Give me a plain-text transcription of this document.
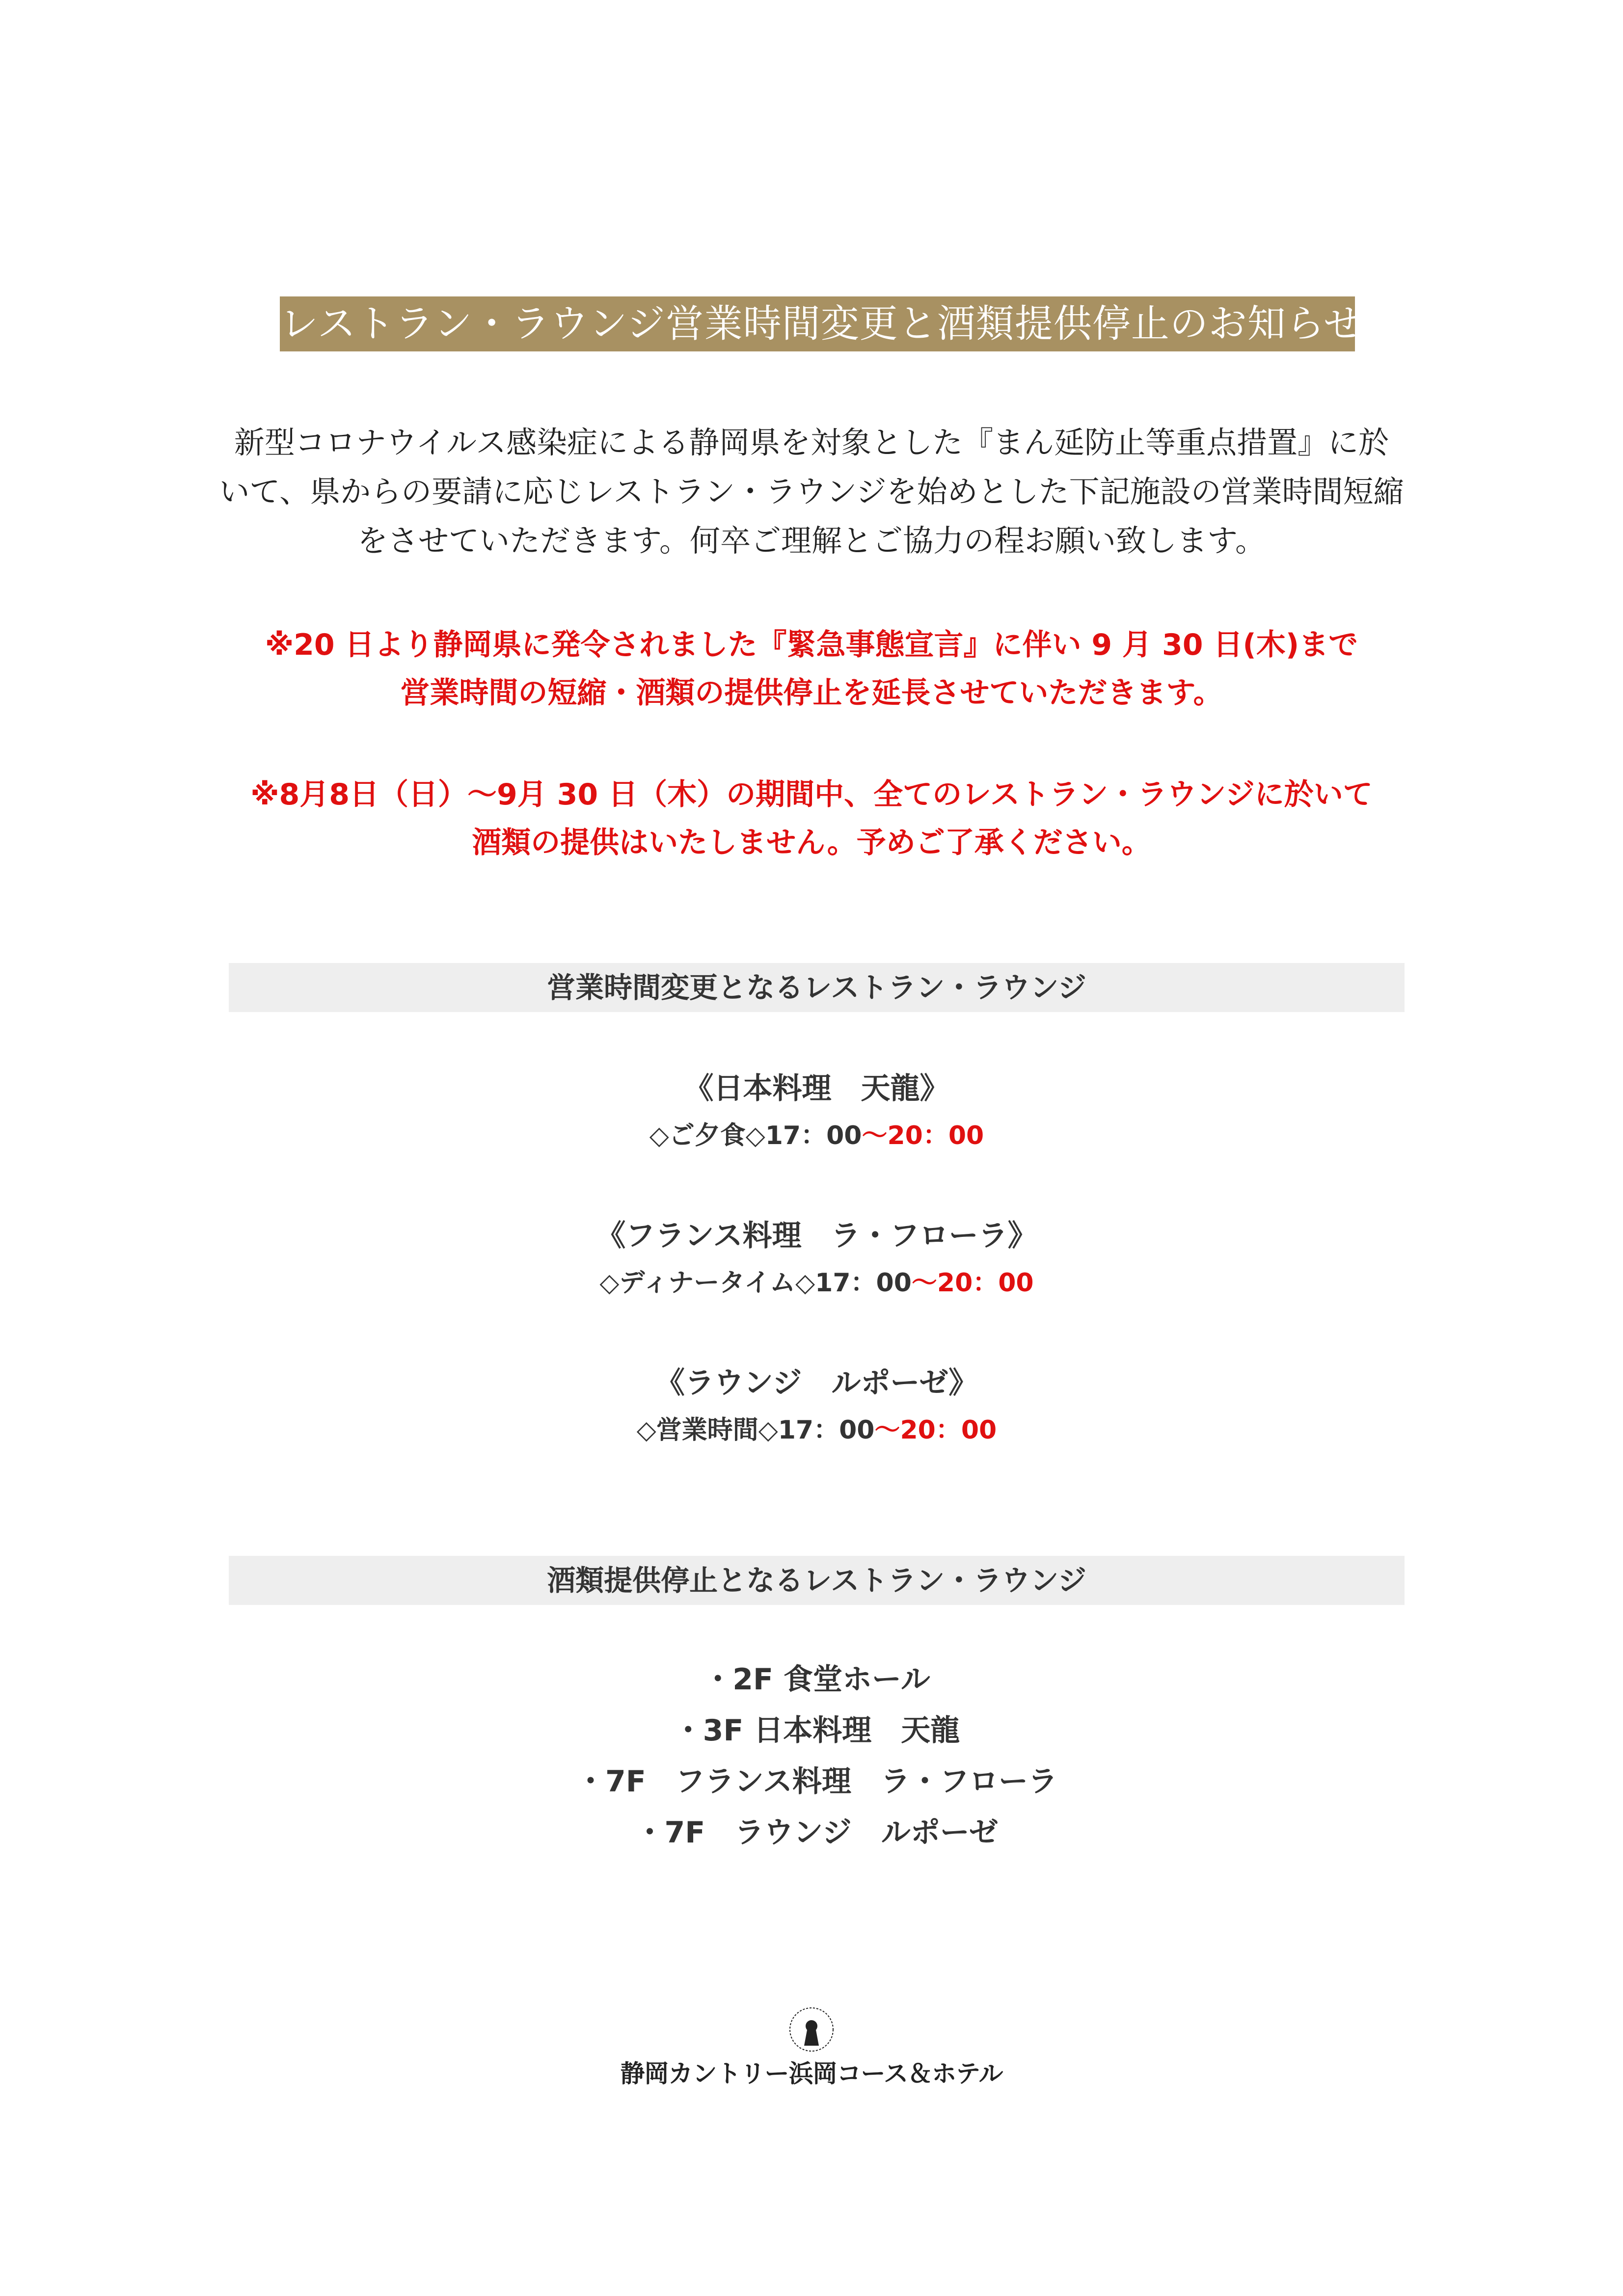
レストラン・ラウンジ営業時間変更と酒類提供停止のお知らせ
新型コロナウイルス感染症による静岡県を対象とした『まん延防止等重点措置』に於
いて、県からの要請に応じレストラン・ラウンジを始めとした下記施設の営業時間短縮
をさせていただきます。何卒ご理解とご協力の程お願い致します。
※20 日より静岡県に発令されました『緊急事態宣言』に伴い 9 月 30 日(木)まで
営業時間の短縮・酒類の提供停止を延長させていただきます。
※8月8日（日）～9月 30 日（木）の期間中、全てのレストラン・ラウンジに於いて
酒類の提供はいたしません。予めご了承ください。
営業時間変更となるレストラン・ラウンジ
《日本料理　天龍》
◇ご夕食◇17：00～20：00
《フランス料理　ラ・フローラ》
◇ディナータイム◇17：00～20：00
《ラウンジ　ルポーゼ》
◇営業時間◇17：00～20：00
酒類提供停止となるレストラン・ラウンジ
・2F 食堂ホール
・3F 日本料理　天龍
・7F　フランス料理　ラ・フローラ
・7F　ラウンジ　ルポーゼ
静岡カントリー浜岡コース＆ホテル
